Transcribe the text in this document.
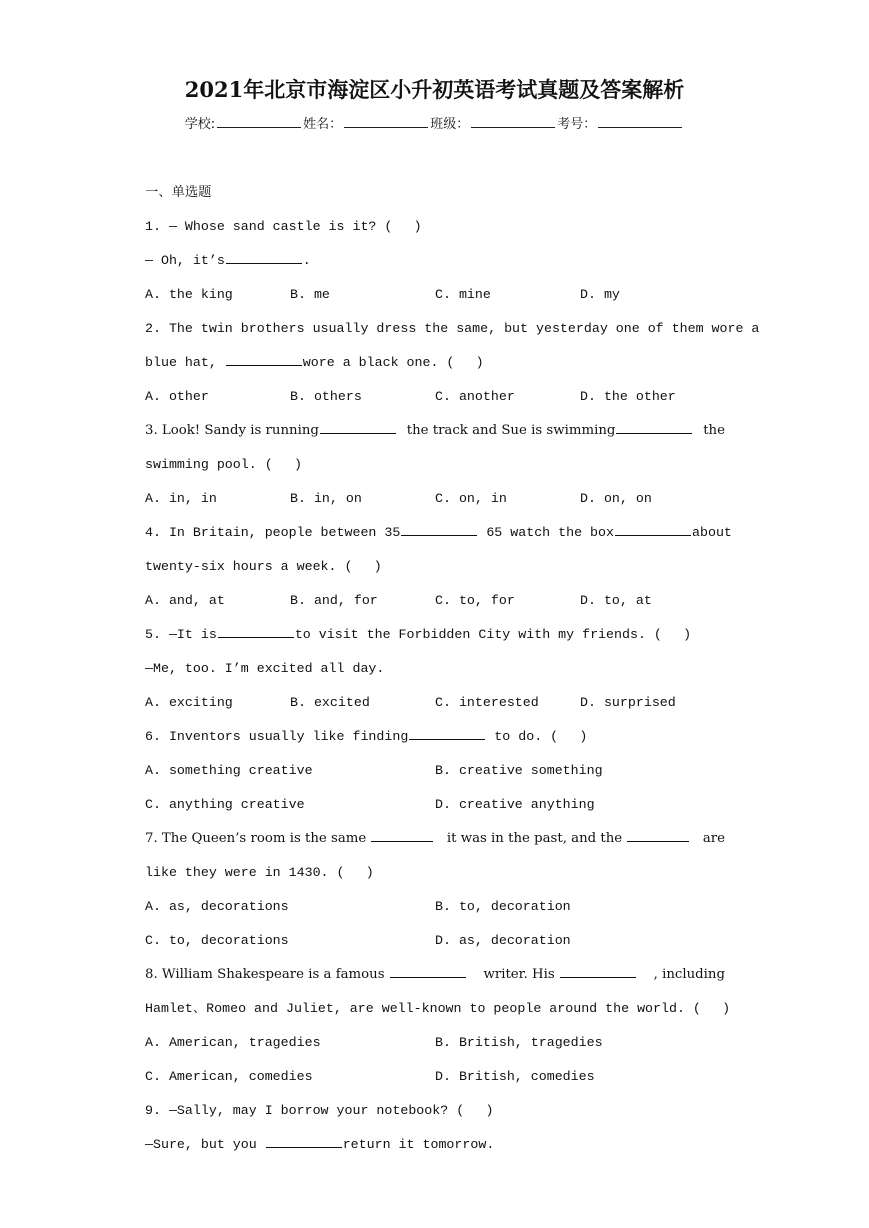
2021年北京市海淀区小升初英语考试真题及答案解析
学校:	姓名：	班级：	考号：
一、单选题
1. — Whose sand castle is it? (　 )
— Oh, it’s	.
A. the king	B. me	C. mine	D. my
2. The twin brothers usually dress the same, but yesterday one of them wore a
blue hat,	wore a black one. (　 )
A. other	B. others	C. another	D. the other
3. Look! Sandy is running	the track and Sue is swimming	the
swimming pool. (　 )
A. in, in	B. in, on	C. on, in	D. on, on
4. In Britain, people between 35	65 watch the box	about
twenty-six hours a week. (　 )
A. and, at	B. and, for	C. to, for	D. to, at
5. —It is	to visit the Forbidden City with my friends. (　 )
—Me, too. I’m excited all day.
A. exciting	B. excited	C. interested	D. surprised
6. Inventors usually like finding	to do. (　 )
A. something creative	B. creative something
C. anything creative	D. creative anything
7. The Queen’s room is the same	it was in the past, and the	are
like they were in 1430. (　 )
A. as, decorations	B. to, decoration
C. to, decorations	D. as, decoration
8. William Shakespeare is a famous	writer. His	, including
Hamlet、Romeo and Juliet, are well-known to people around the world. (　 )
A. American, tragedies	B. British, tragedies
C. American, comedies	D. British, comedies
9. —Sally, may I borrow your notebook? (　 )
—Sure, but you	return it tomorrow.
